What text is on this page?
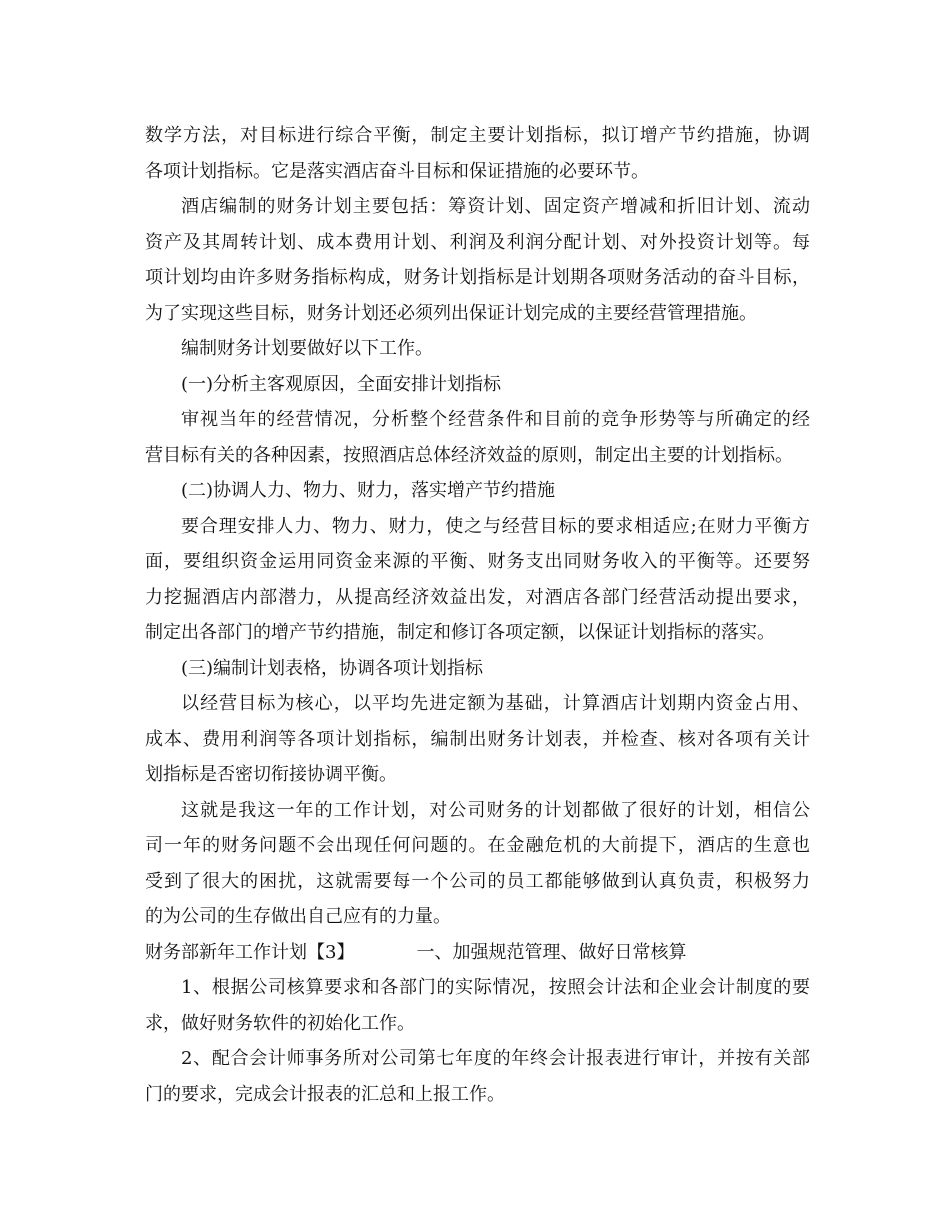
数学方法，对目标进行综合平衡，制定主要计划指标，拟订增产节约措施，协调
各项计划指标。它是落实酒店奋斗目标和保证措施的必要环节。
酒店编制的财务计划主要包括：筹资计划、固定资产增减和折旧计划、流动
资产及其周转计划、成本费用计划、利润及利润分配计划、对外投资计划等。每
项计划均由许多财务指标构成，财务计划指标是计划期各项财务活动的奋斗目标，
为了实现这些目标，财务计划还必须列出保证计划完成的主要经营管理措施。
编制财务计划要做好以下工作。
(一)分析主客观原因，全面安排计划指标
审视当年的经营情况，分析整个经营条件和目前的竞争形势等与所确定的经
营目标有关的各种因素，按照酒店总体经济效益的原则，制定出主要的计划指标。
(二)协调人力、物力、财力，落实增产节约措施
要合理安排人力、物力、财力，使之与经营目标的要求相适应;在财力平衡方
面，要组织资金运用同资金来源的平衡、财务支出同财务收入的平衡等。还要努
力挖掘酒店内部潜力，从提高经济效益出发，对酒店各部门经营活动提出要求，
制定出各部门的增产节约措施，制定和修订各项定额，以保证计划指标的落实。
(三)编制计划表格，协调各项计划指标
以经营目标为核心，以平均先进定额为基础，计算酒店计划期内资金占用、
成本、费用利润等各项计划指标，编制出财务计划表，并检查、核对各项有关计
划指标是否密切衔接协调平衡。
这就是我这一年的工作计划，对公司财务的计划都做了很好的计划，相信公
司一年的财务问题不会出现任何问题的。在金融危机的大前提下，酒店的生意也
受到了很大的困扰，这就需要每一个公司的员工都能够做到认真负责，积极努力
的为公司的生存做出自己应有的力量。
财务部新年工作计划【3】	一、加强规范管理、做好日常核算
1、根据公司核算要求和各部门的实际情况，按照会计法和企业会计制度的要
求，做好财务软件的初始化工作。
2、配合会计师事务所对公司第七年度的年终会计报表进行审计，并按有关部
门的要求，完成会计报表的汇总和上报工作。
